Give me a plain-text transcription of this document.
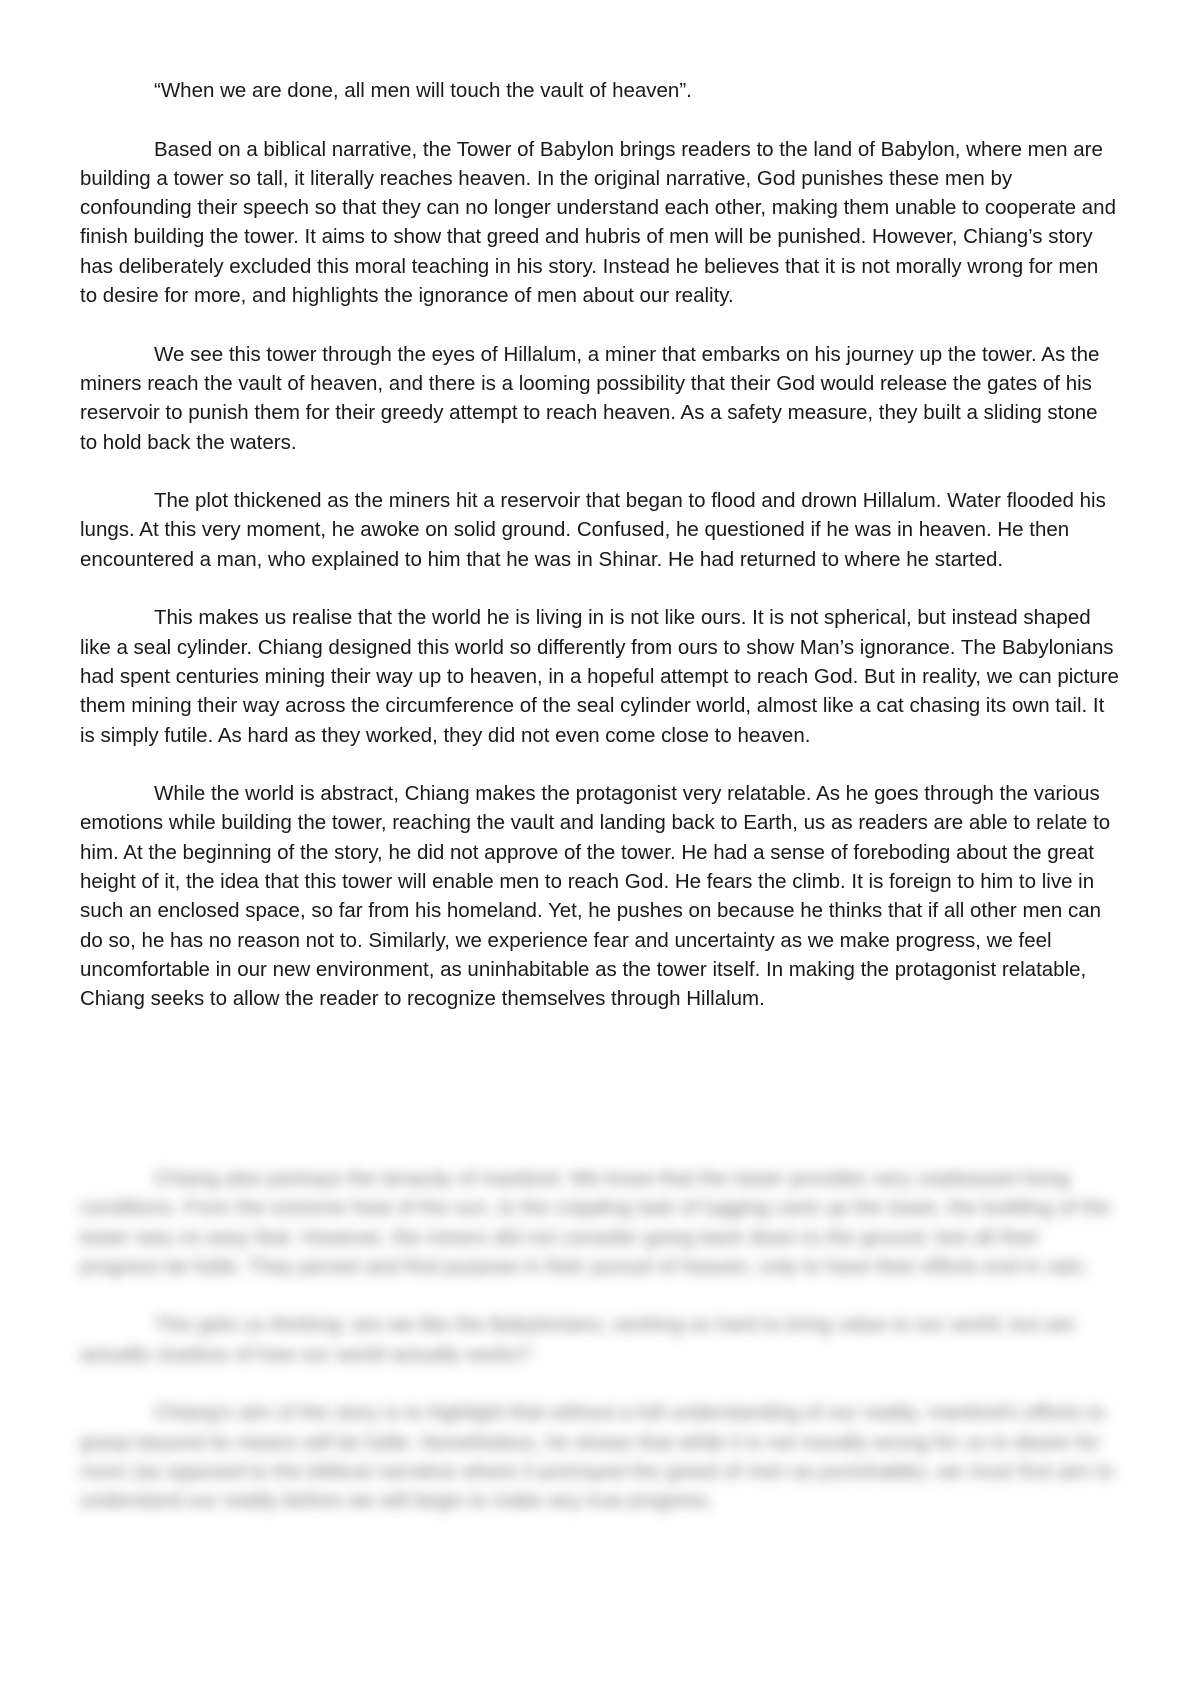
“When we are done, all men will touch the vault of heaven”.

Based on a biblical narrative, the Tower of Babylon brings readers to the land of Babylon, where men are building a tower so tall, it literally reaches heaven. In the original narrative, God punishes these men by confounding their speech so that they can no longer understand each other, making them unable to cooperate and finish building the tower. It aims to show that greed and hubris of men will be punished. However, Chiang’s story has deliberately excluded this moral teaching in his story. Instead he believes that it is not morally wrong for men to desire for more, and highlights the ignorance of men about our reality.

We see this tower through the eyes of Hillalum, a miner that embarks on his journey up the tower. As the miners reach the vault of heaven, and there is a looming possibility that their God would release the gates of his reservoir to punish them for their greedy attempt to reach heaven. As a safety measure, they built a sliding stone to hold back the waters.

The plot thickened as the miners hit a reservoir that began to flood and drown Hillalum. Water flooded his lungs. At this very moment, he awoke on solid ground. Confused, he questioned if he was in heaven. He then encountered a man, who explained to him that he was in Shinar. He had returned to where he started.

This makes us realise that the world he is living in is not like ours. It is not spherical, but instead shaped like a seal cylinder. Chiang designed this world so differently from ours to show Man’s ignorance. The Babylonians had spent centuries mining their way up to heaven, in a hopeful attempt to reach God. But in reality, we can picture them mining their way across the circumference of the seal cylinder world, almost like a cat chasing its own tail. It is simply futile. As hard as they worked, they did not even come close to heaven.

While the world is abstract, Chiang makes the protagonist very relatable. As he goes through the various emotions while building the tower, reaching the vault and landing back to Earth, us as readers are able to relate to him. At the beginning of the story, he did not approve of the tower. He had a sense of foreboding about the great height of it, the idea that this tower will enable men to reach God. He fears the climb. It is foreign to him to live in such an enclosed space, so far from his homeland. Yet, he pushes on because he thinks that if all other men can do so, he has no reason not to. Similarly, we experience fear and uncertainty as we make progress, we feel uncomfortable in our new environment, as uninhabitable as the tower itself. In making the protagonist relatable, Chiang seeks to allow the reader to recognize themselves through Hillalum.

Chiang also portrays the tenacity of mankind. We know that the tower provides very unpleasant living conditions. From the extreme heat of the sun, to the crippling task of lugging carts up the tower, the building of the tower was no easy feat. However, the miners did not consider going back down to the ground, lest all their progress be futile. They persist and find purpose in their pursuit of heaven, only to have their efforts end in vain.

This gets us thinking: are we like the Babylonians, working so hard to bring value to our world, but are actually clueless of how our world actually works?

Chiang's aim of the story is to highlight that without a full understanding of our reality, mankind's efforts to grasp beyond its means will be futile. Nonetheless, he shows that while it is not morally wrong for us to desire for more (as opposed to the biblical narrative where it portrayed the greed of men as punishable), we must first aim to understand our reality before we will begin to make any true progress.
